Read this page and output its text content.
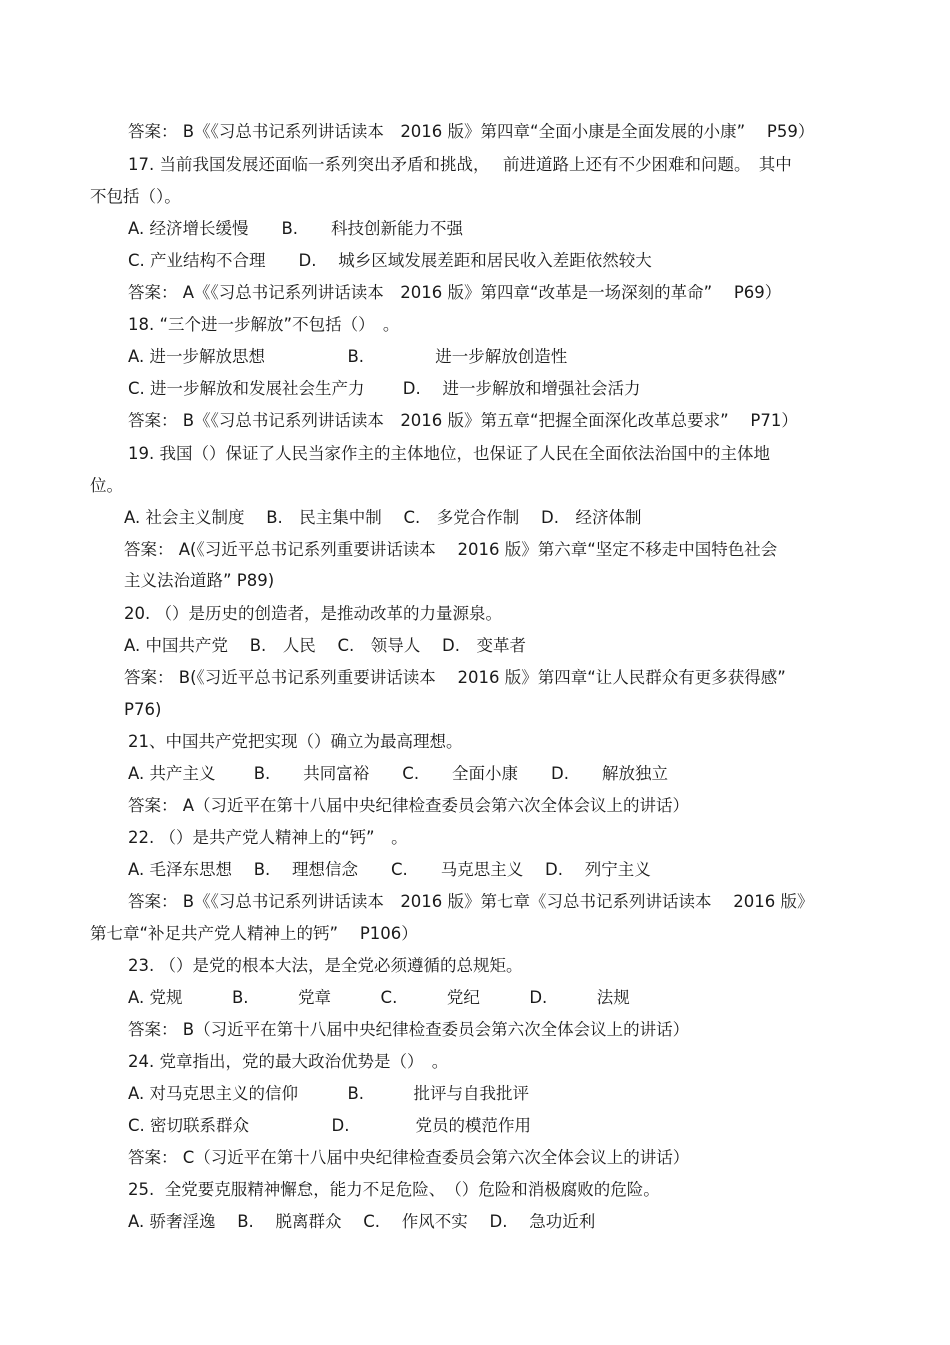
答案： B《《习总书记系列讲话读本　2016 版》第四章“全面小康是全面发展的小康”　 P59）
17. 当前我国发展还面临一系列突出矛盾和挑战，　 前进道路上还有不少困难和问题。　其中
不包括（）。
A. 经济增长缓慢　　B.　　科技创新能力不强
C. 产业结构不合理　　D.　 城乡区域发展差距和居民收入差距依然较大
答案： A《《习总书记系列讲话读本　2016 版》第四章“改革是一场深刻的革命”　 P69）
18. “三个进一步解放”不包括（）　。
A. 进一步解放思想　　　　　B.　　　　 进一步解放创造性
C. 进一步解放和发展社会生产力　　 D.　 进一步解放和增强社会活力
答案： B《《习总书记系列讲话读本　2016 版》第五章“把握全面深化改革总要求”　 P71）
19. 我国（）保证了人民当家作主的主体地位，也保证了人民在全面依法治国中的主体地
位。
A. 社会主义制度　 B.　民主集中制　 C.　多党合作制　 D.　经济体制
答案： A(《习近平总书记系列重要讲话读本　 2016 版》第六章“坚定不移走中国特色社会
主义法治道路” P89)
20. （）是历史的创造者，是推动改革的力量源泉。
A. 中国共产党　 B.　人民　 C.　领导人　 D.　变革者
答案： B(《习近平总书记系列重要讲话读本　 2016 版》第四章“让人民群众有更多获得感”
P76)
21、中国共产党把实现（）确立为最高理想。
A. 共产主义　　 B.　　共同富裕　　C.　　全面小康　　D.　　解放独立
答案： A（习近平在第十八届中央纪律检查委员会第六次全体会议上的讲话）
22. （）是共产党人精神上的“钙”　。
A. 毛泽东思想　 B.　 理想信念　　C.　　马克思主义　 D.　 列宁主义
答案： B《《习总书记系列讲话读本　2016 版》第七章《习总书记系列讲话读本　 2016 版》
第七章“补足共产党人精神上的钙”　 P106）
23. （）是党的根本大法，是全党必须遵循的总规矩。
A. 党规　　　B.　　　党章　　　C.　　　党纪　　　D.　　　法规
答案： B（习近平在第十八届中央纪律检查委员会第六次全体会议上的讲话）
24. 党章指出，党的最大政治优势是（）　。
A. 对马克思主义的信仰　　　B.　　　批评与自我批评
C. 密切联系群众　　　　　D.　　　　党员的模范作用
答案： C（习近平在第十八届中央纪律检查委员会第六次全体会议上的讲话）
25.  全党要克服精神懈怠，能力不足危险、　（）危险和消极腐败的危险。
A. 骄奢淫逸　 B.　 脱离群众　 C.　 作风不实　 D.　 急功近利
